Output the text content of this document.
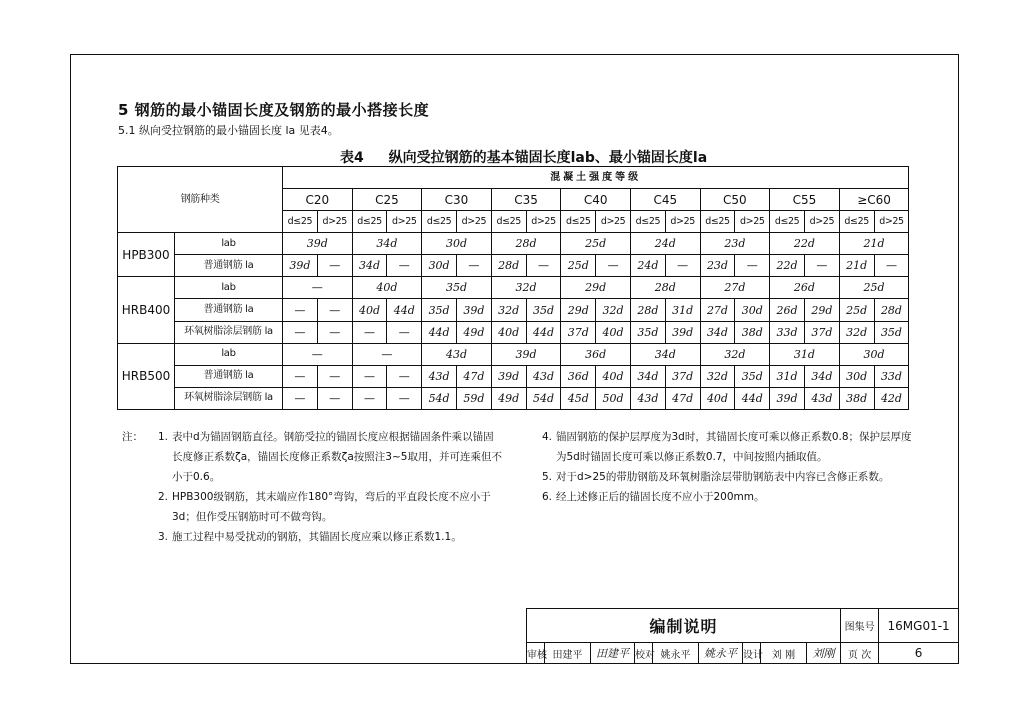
5 钢筋的最小锚固长度及钢筋的最小搭接长度
5.1 纵向受拉钢筋的最小锚固长度 la 见表4。
表4 纵向受拉钢筋的基本锚固长度lab、最小锚固长度la
钢筋种类		混凝土强度等级																	
		C20		C25		C30		C35		C40		C45		C50		C55		≥C60	
		d≤25	d>25	d≤25	d>25	d≤25	d>25	d≤25	d>25	d≤25	d>25	d≤25	d>25	d≤25	d>25	d≤25	d>25	d≤25	d>25
HPB300	lab	39d		34d		30d		28d		25d		24d		23d		22d		21d	
	普通钢筋 la	39d	—	34d	—	30d	—	28d	—	25d	—	24d	—	23d	—	22d	—	21d	—
HRB400	lab	—		40d		35d		32d		29d		28d		27d		26d		25d	
	普通钢筋 la	—	—	40d	44d	35d	39d	32d	35d	29d	32d	28d	31d	27d	30d	26d	29d	25d	28d
	环氧树脂涂层钢筋 la	—	—	—	—	44d	49d	40d	44d	37d	40d	35d	39d	34d	38d	33d	37d	32d	35d
HRB500	lab	—		—		43d		39d		36d		34d		32d		31d		30d	
	普通钢筋 la	—	—	—	—	43d	47d	39d	43d	36d	40d	34d	37d	32d	35d	31d	34d	30d	33d
	环氧树脂涂层钢筋 la	—	—	—	—	54d	59d	49d	54d	45d	50d	43d	47d	40d	44d	39d	43d	38d	42d
注：	1. 表中d为锚固钢筋直径。钢筋受拉的锚固长度应根据锚固条件乘以锚固长度修正系数ζa，锚固长度修正系数ζa按照注3~5取用，并可连乘但不小于0.6。
2. HPB300级钢筋，其末端应作180°弯钩，弯后的平直段长度不应小于3d；但作受压钢筋时可不做弯钩。
3. 施工过程中易受扰动的钢筋，其锚固长度应乘以修正系数1.1。
4. 锚固钢筋的保护层厚度为3d时，其锚固长度可乘以修正系数0.8；保护层厚度为5d时锚固长度可乘以修正系数0.7，中间按照内插取值。
5. 对于d>25的带肋钢筋及环氧树脂涂层带肋钢筋表中内容已含修正系数。
6. 经上述修正后的锚固长度不应小于200mm。
编制说明									图集号	16MG01-1
审核	田建平	田建平	校对	姚永平	姚永平	设计	刘 刚	刘刚	页 次	6
